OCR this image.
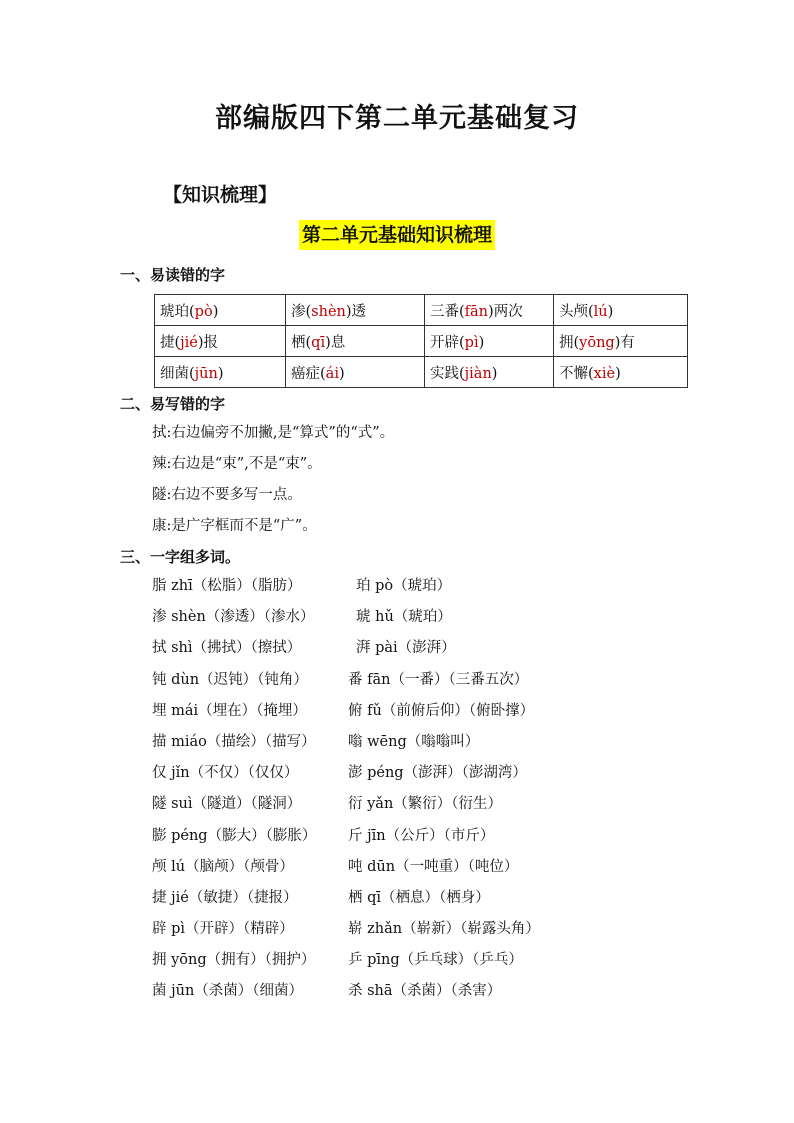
部编版四下第二单元基础复习
【知识梳理】
第二单元基础知识梳理
一、易读错的字
琥珀(pò)	渗(shèn)透	三番(fān)两次	头颅(lú)
捷(jié)报	栖(qī)息	开辟(pì)	拥(yōng)有
细菌(jūn)	癌症(ái)	实践(jiàn)	不懈(xiè)
二、易写错的字
拭:右边偏旁不加撇,是“算式”的“式”。
辣:右边是“束”,不是“束”。
隧:右边不要多写一点。
康:是广字框而不是“广”。
三、一字组多词。
脂 zhī（松脂）（脂肪）	珀 pò（琥珀）
渗 shèn（渗透）（渗水）	琥 hǔ（琥珀）
拭 shì（拂拭）（擦拭）	湃 pài（澎湃）
钝 dùn（迟钝）（钝角）	番 fān（一番）（三番五次）
埋 mái（埋在）（掩埋）	俯 fǔ（前俯后仰）（俯卧撑）
描 miáo（描绘）（描写） 嗡 wēng（嗡嗡叫）
仅 jǐn（不仅）（仅仅）	澎 péng（澎湃）（澎湖湾）
隧 suì（隧道）（隧洞）	衍 yǎn（繁衍）（衍生）
膨 péng（膨大）（膨胀） 斤 jīn（公斤）（市斤）
颅 lú（脑颅）（颅骨）	吨 dūn（一吨重）（吨位）
捷 jié（敏捷）（捷报）	栖 qī（栖息）（栖身）
辟 pì（开辟）（精辟）	崭 zhǎn（崭新）（崭露头角）
拥 yōng（拥有）（拥护） 乒 pīng（乒乓球）（乒乓）
菌 jūn（杀菌）（细菌）	杀 shā（杀菌）（杀害）
